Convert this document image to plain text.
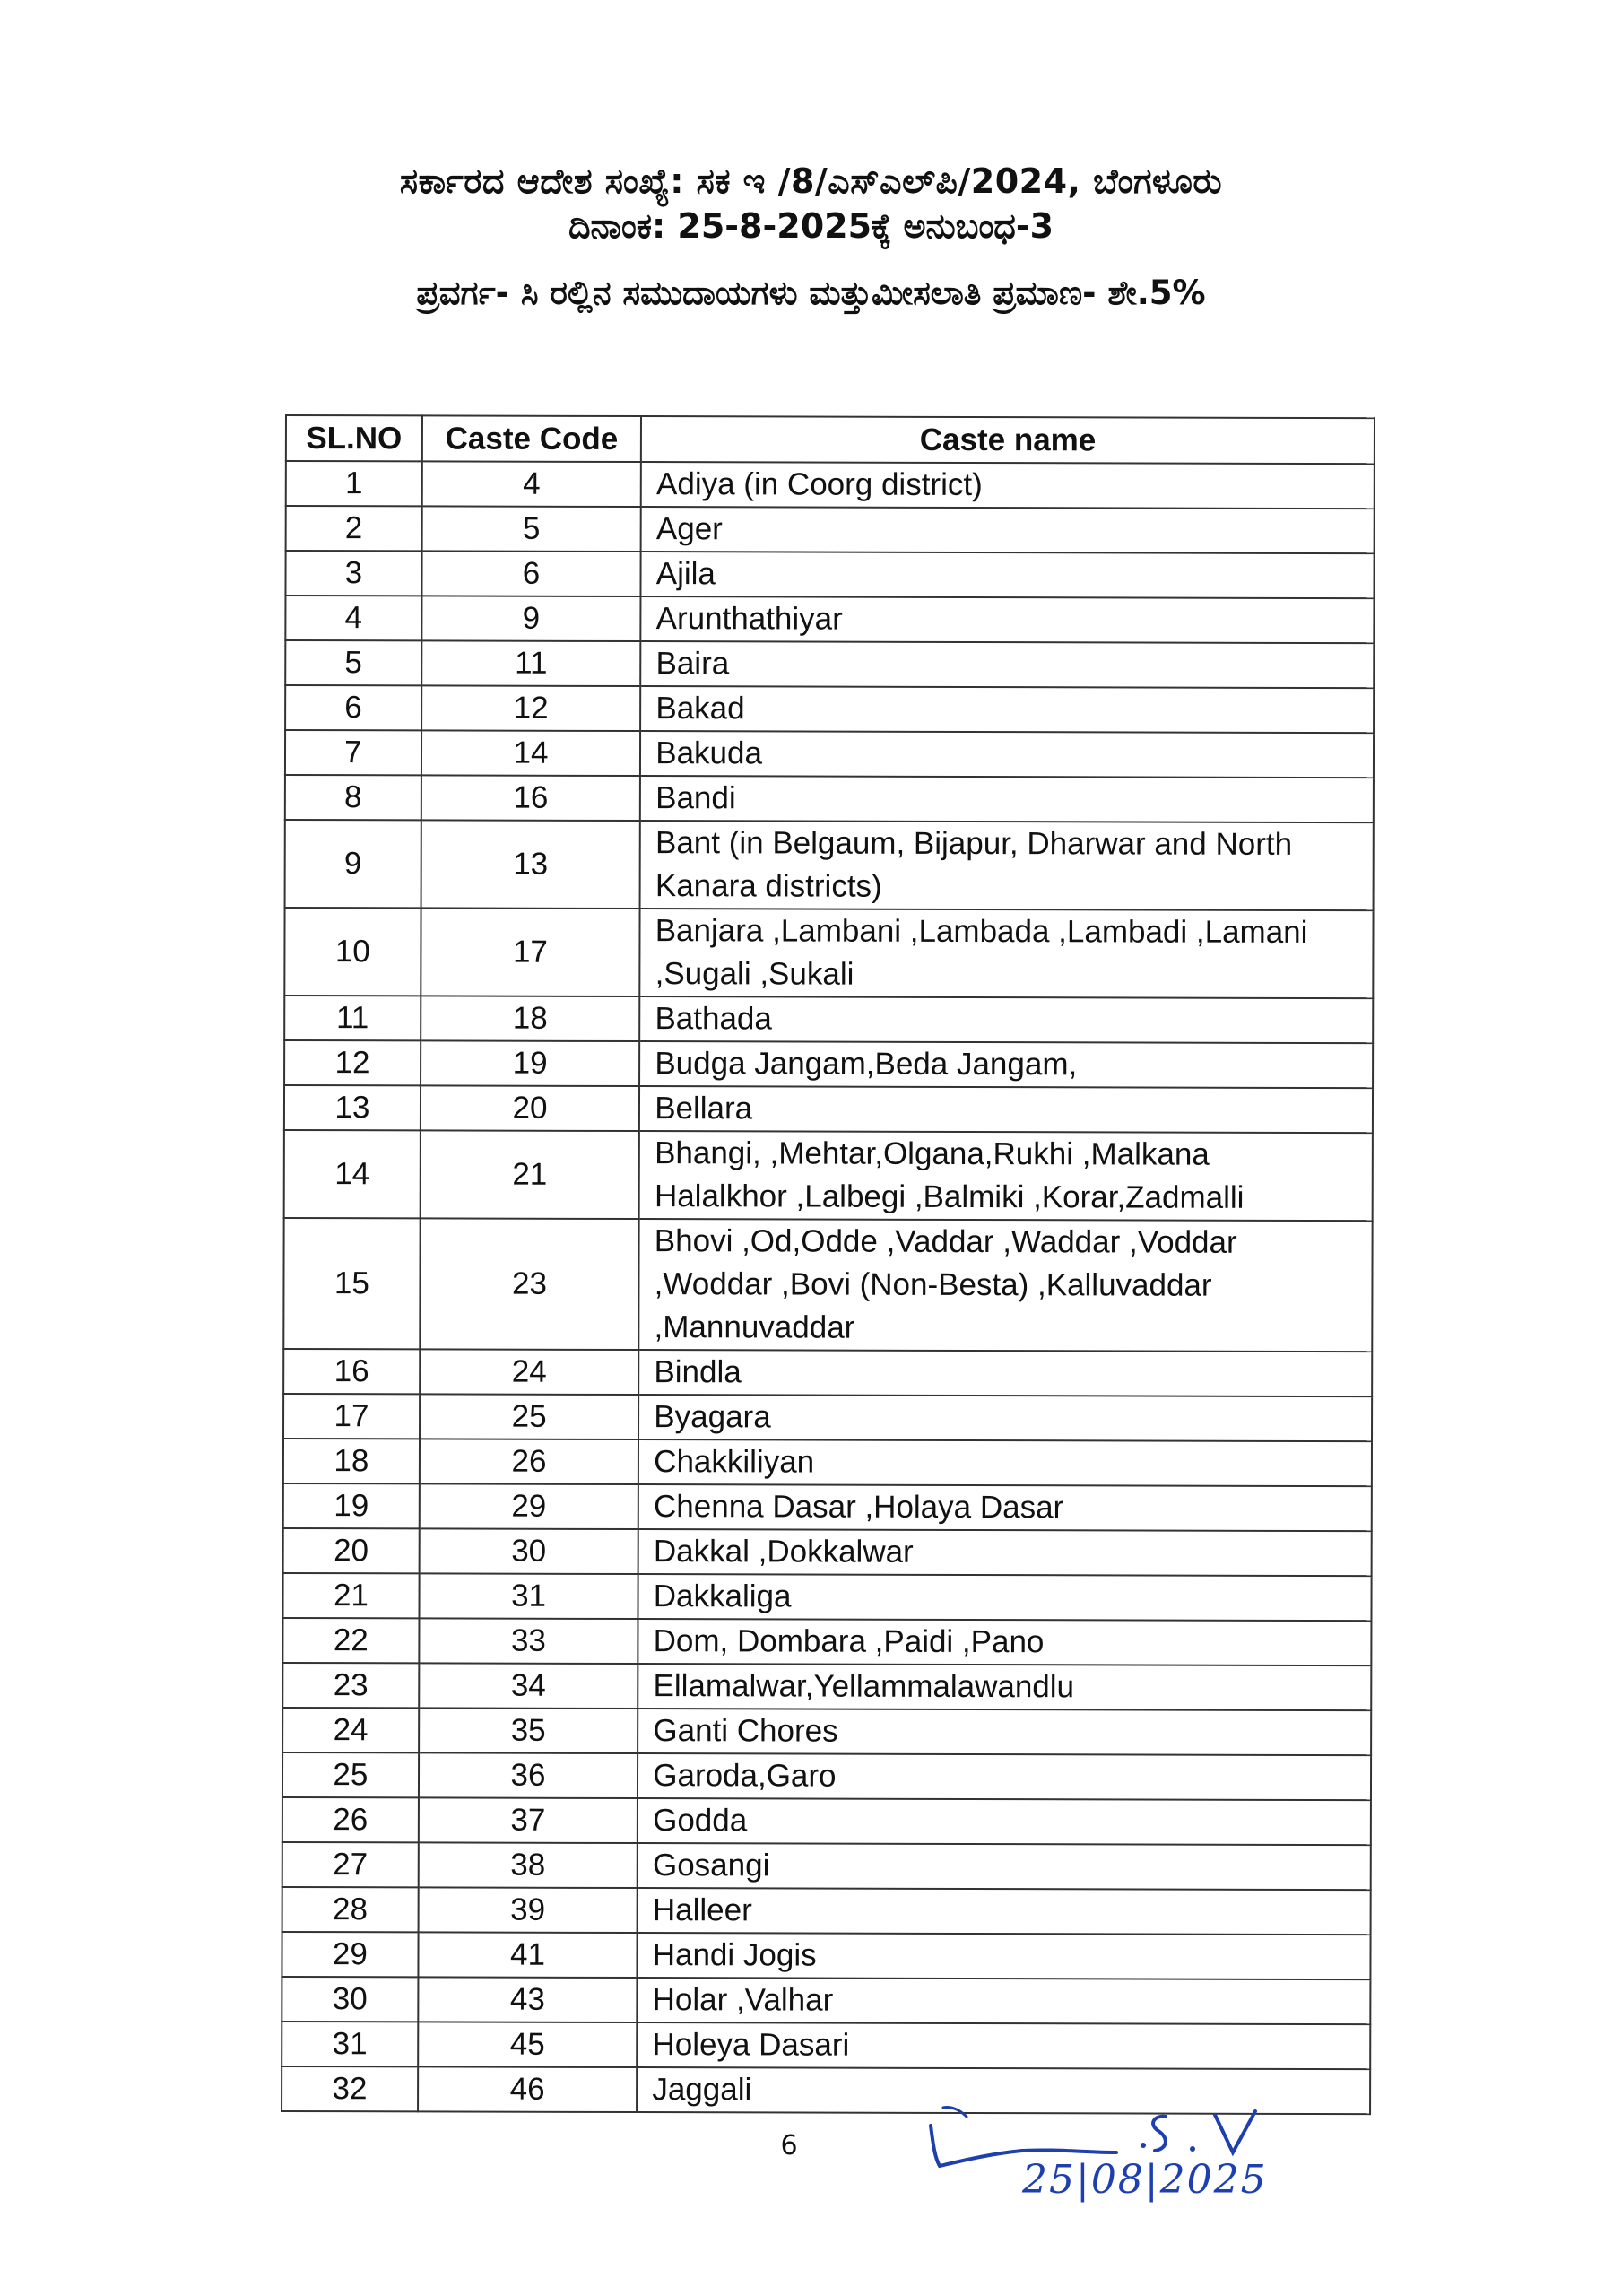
ಸರ್ಕಾರದ ಆದೇಶ ಸಂಖ್ಯೆ: ಸಕ ಇ /8/ಎಸ್ಎಲ್‌ಪಿ/2024, ಬೆಂಗಳೂರು
ದಿನಾಂಕ: 25-8-2025ಕ್ಕೆ ಅನುಬಂಧ-3
ಪ್ರವರ್ಗ- ಸಿ ರಲ್ಲಿನ ಸಮುದಾಯಗಳು ಮತ್ತುಮೀಸಲಾತಿ ಪ್ರಮಾಣ- ಶೇ.5%
SL.NO	Caste Code	Caste name
1	4	Adiya (in Coorg district)

2	5	Ager

3	6	Ajila

4	9	Arunthathiyar

5	11	Baira

6	12	Bakad

7	14	Bakuda

8	16	Bandi

9	13	Bant (in Belgaum, Bijapur, Dharwar and North
Kanara districts)

10	17	Banjara ,Lambani ,Lambada ,Lambadi ,Lamani
,Sugali ,Sukali

11	18	Bathada

12	19	Budga Jangam,Beda Jangam,

13	20	Bellara

14	21	Bhangi, ,Mehtar,Olgana,Rukhi ,Malkana
Halalkhor ,Lalbegi ,Balmiki ,Korar,Zadmalli

15	23	Bhovi ,Od,Odde ,Vaddar ,Waddar ,Voddar
,Woddar ,Bovi (Non-Besta) ,Kalluvaddar
,Mannuvaddar

16	24	Bindla

17	25	Byagara

18	26	Chakkiliyan

19	29	Chenna Dasar ,Holaya Dasar

20	30	Dakkal ,Dokkalwar

21	31	Dakkaliga

22	33	Dom, Dombara ,Paidi ,Pano

23	34	Ellamalwar,Yellammalawandlu

24	35	Ganti Chores

25	36	Garoda,Garo

26	37	Godda

27	38	Gosangi

28	39	Halleer

29	41	Handi Jogis

30	43	Holar ,Valhar

31	45	Holeya Dasari

32	46	Jaggali
6
25|08|2025
